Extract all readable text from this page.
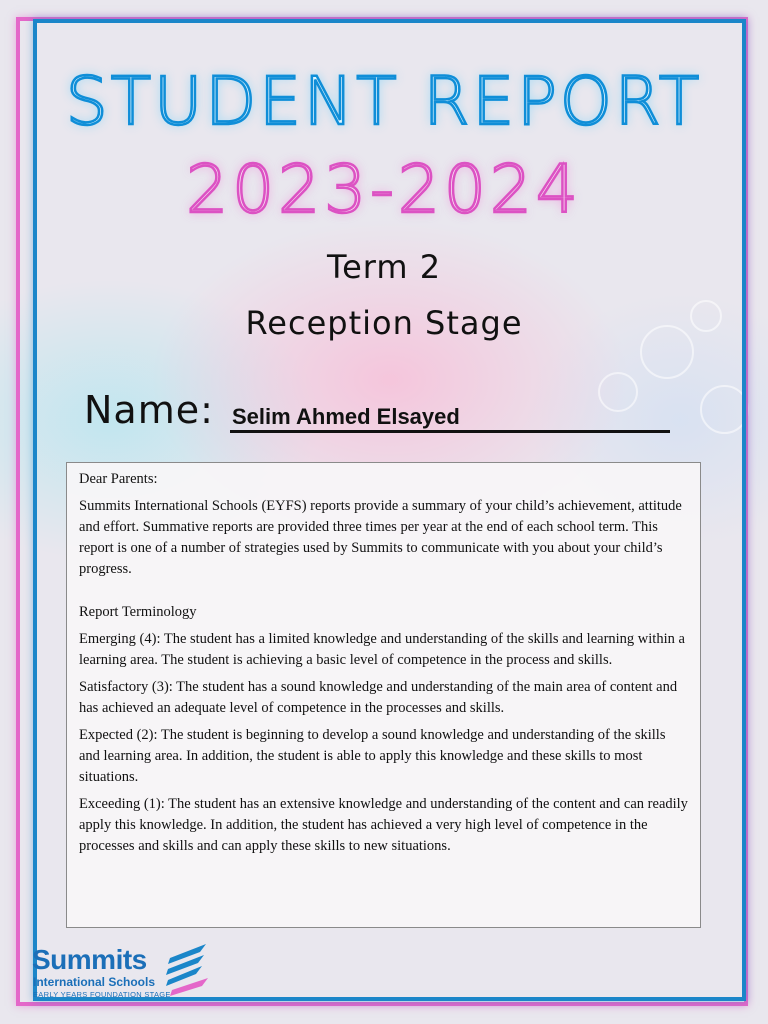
STUDENT REPORT
2023-2024
Term 2
Reception Stage
Name: Selim Ahmed Elsayed

Dear Parents:

Summits International Schools (EYFS) reports provide a summary of your child’s achievement, attitude and effort. Summative reports are provided three times per year at the end of each school term. This report is one of a number of strategies used by Summits to communicate with you about your child’s progress.

Report Terminology

Emerging (4): The student has a limited knowledge and understanding of the skills and learning within a learning area. The student is achieving a basic level of competence in the process and skills.

Satisfactory (3): The student has a sound knowledge and understanding of the main area of content and has achieved an adequate level of competence in the processes and skills.

Expected (2): The student is beginning to develop a sound knowledge and understanding of the skills and learning area. In addition, the student is able to apply this knowledge and these skills to most situations.

Exceeding (1): The student has an extensive knowledge and understanding of the content and can readily apply this knowledge. In addition, the student has achieved a very high level of competence in the processes and skills and can apply these skills to new situations.

Summits
International Schools
EARLY YEARS FOUNDATION STAGE
